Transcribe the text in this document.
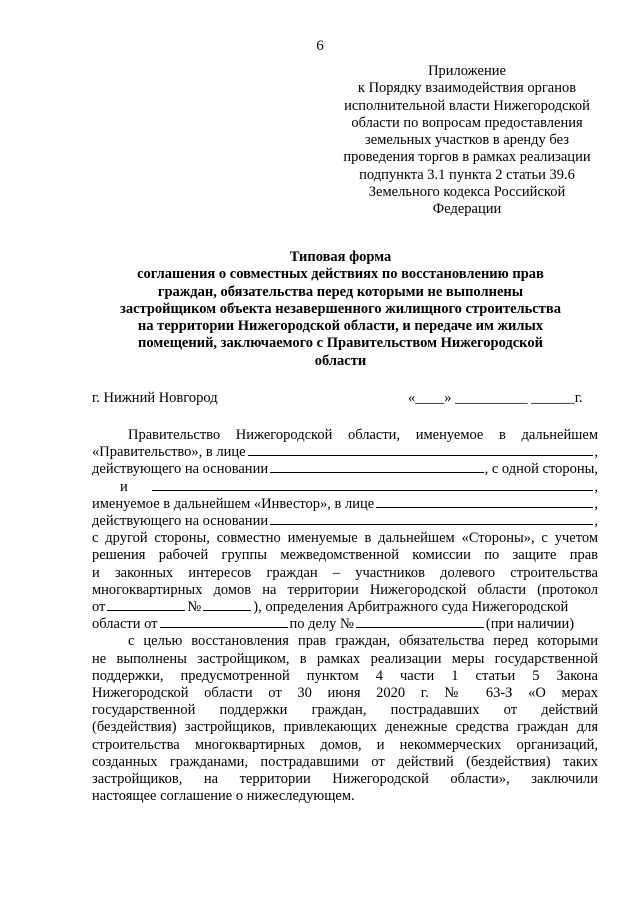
6
Приложение
к Порядку взаимодействия органов
исполнительной власти Нижегородской
области по вопросам предоставления
земельных участков в аренду без
проведения торгов в рамках реализации
подпункта 3.1 пункта 2 статьи 39.6
Земельного кодекса Российской
Федерации
Типовая форма
соглашения о совместных действиях по восстановлению прав
граждан, обязательства перед которыми не выполнены
застройщиком объекта незавершенного жилищного строительства
на территории Нижегородской области, и передаче им жилых
помещений, заключаемого с Правительством Нижегородской
области
г. Нижний Новгород	«____» __________ ______г.
Правительство Нижегородской области, именуемое в дальнейшем
«Правительство», в лице	,
действующего на основании	, с одной стороны,
и	,
именуемое в дальнейшем «Инвестор», в лице	,
действующего на основании	,
с другой стороны, совместно именуемые в дальнейшем «Стороны», с учетом
решения рабочей группы межведомственной комиссии по защите прав
и законных интересов граждан – участников долевого строительства
многоквартирных домов на территории Нижегородской области (протокол
от	№	), определения Арбитражного суда Нижегородской
области от	по делу №	(при наличии)
с целью восстановления прав граждан, обязательства перед которыми
не выполнены застройщиком, в рамках реализации меры государственной
поддержки, предусмотренной пунктом 4 части 1 статьи 5 Закона
Нижегородской области от 30 июня 2020 г. № 63-З «О мерах
государственной поддержки граждан, пострадавших от действий
(бездействия) застройщиков, привлекающих денежные средства граждан для
строительства многоквартирных домов, и некоммерческих организаций,
созданных гражданами, пострадавшими от действий (бездействия) таких
застройщиков, на территории Нижегородской области», заключили
настоящее соглашение о нижеследующем.
